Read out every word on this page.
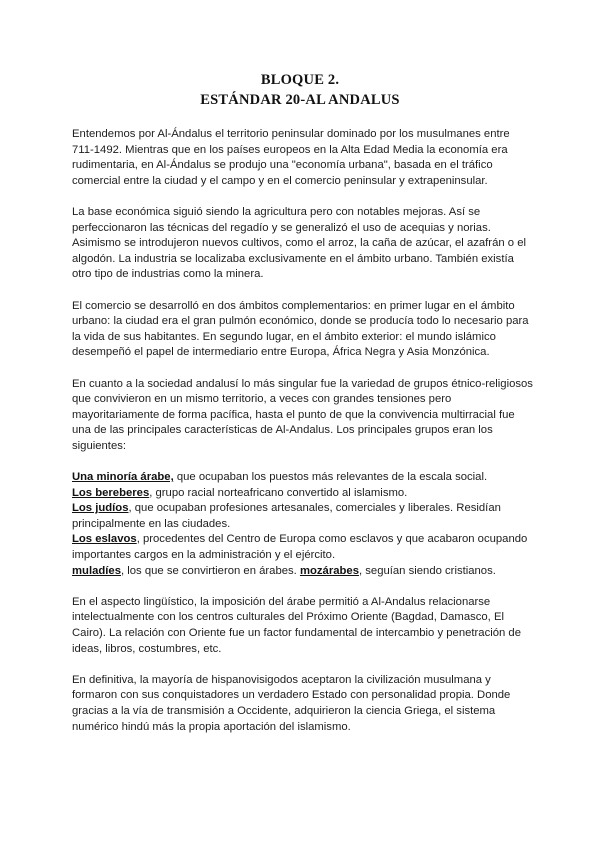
BLOQUE 2.
ESTÁNDAR 20-AL ANDALUS

Entendemos por Al-Ándalus el territorio peninsular dominado por los musulmanes entre 711-1492. Mientras que en los países europeos en la Alta Edad Media la economía era rudimentaria, en Al-Ándalus se produjo una "economía urbana", basada en el tráfico comercial entre la ciudad y el campo y en el comercio peninsular y extrapeninsular.

La base económica siguió siendo la agricultura pero con notables mejoras. Así se perfeccionaron las técnicas del regadío y se generalizó el uso de acequias y norias. Asimismo se introdujeron nuevos cultivos, como el arroz, la caña de azúcar, el azafrán o el algodón. La industria se localizaba exclusivamente en el ámbito urbano. También existía otro tipo de industrias como la minera.

El comercio se desarrolló en dos ámbitos complementarios: en primer lugar en el ámbito urbano: la ciudad era el gran pulmón económico, donde se producía todo lo necesario para la vida de sus habitantes. En segundo lugar, en el ámbito exterior: el mundo islámico desempeñó el papel de intermediario entre Europa, África Negra y Asia Monzónica.

En cuanto a la sociedad andalusí lo más singular fue la variedad de grupos étnico-religiosos que convivieron en un mismo territorio, a veces con grandes tensiones pero mayoritariamente de forma pacífica, hasta el punto de que la convivencia multirracial fue una de las principales características de Al-Andalus. Los principales grupos eran los siguientes:

Una minoría árabe, que ocupaban los puestos más relevantes de la escala social.

Los bereberes, grupo racial norteafricano convertido al islamismo.

Los judíos, que ocupaban profesiones artesanales, comerciales y liberales. Residían principalmente en las ciudades.

Los eslavos, procedentes del Centro de Europa como esclavos y que acabaron ocupando importantes cargos en la administración y el ejército.

muladíes, los que se convirtieron en árabes. mozárabes, seguían siendo cristianos.

En el aspecto lingüístico, la imposición del árabe permitió a Al-Andalus relacionarse intelectualmente con los centros culturales del Próximo Oriente (Bagdad, Damasco, El Cairo). La relación con Oriente fue un factor fundamental de intercambio y penetración de ideas, libros, costumbres, etc.

En definitiva, la mayoría de hispanovisigodos aceptaron la civilización musulmana y formaron con sus conquistadores un verdadero Estado con personalidad propia. Donde gracias a la vía de transmisión a Occidente, adquirieron la ciencia Griega, el sistema numérico hindú más la propia aportación del islamismo.
